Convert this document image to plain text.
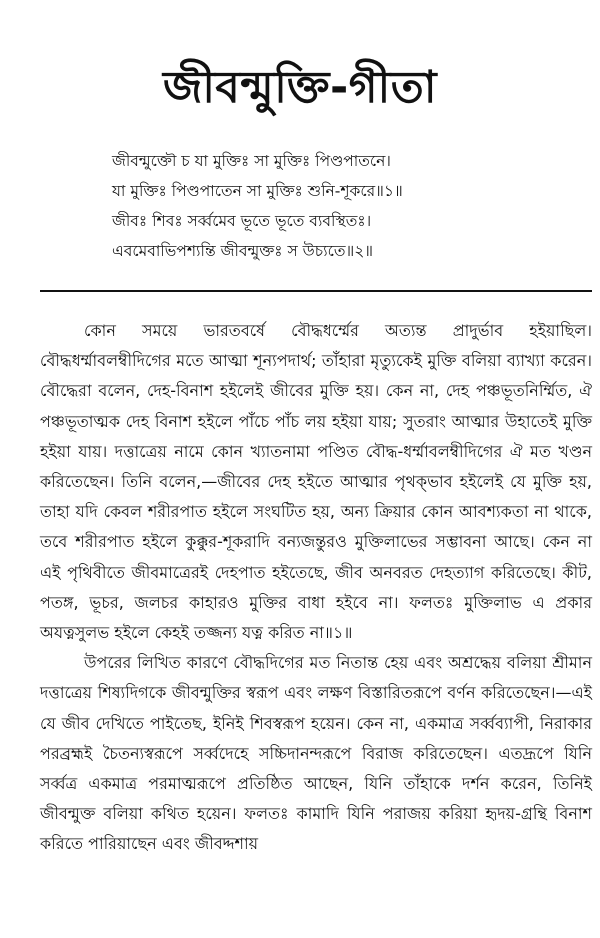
জীবন্মুক্তি-গীতা
জীবন্মুক্তৌ চ যা মুক্তিঃ সা মুক্তিঃ পিণ্ডপাতনে।
যা মুক্তিঃ পিণ্ডপাতেন সা মুক্তিঃ শুনি-শূকরে॥১॥
জীবঃ শিবঃ সর্ব্বমেব ভূতে ভূতে ব্যবস্থিতঃ।
এবমেবাভিপশ্যন্তি জীবন্মুক্তঃ স উচ্যতে॥২॥

কোন সময়ে ভারতবর্ষে বৌদ্ধধর্ম্মের অত্যন্ত প্রাদুর্ভাব হইয়াছিল। বৌদ্ধধর্ম্মাবলম্বীদিগের মতে আত্মা শূন্যপদার্থ; তাঁহারা মৃত্যুকেই মুক্তি বলিয়া ব্যাখ্যা করেন। বৌদ্ধেরা বলেন, দেহ-বিনাশ হইলেই জীবের মুক্তি হয়। কেন না, দেহ পঞ্চভূতনির্ম্মিত, ঐ পঞ্চভূতাত্মক দেহ বিনাশ হইলে পাঁচে পাঁচ লয় হইয়া যায়; সুতরাং আত্মার উহাতেই মুক্তি হইয়া যায়। দত্তাত্রেয় নামে কোন খ্যাতনামা পণ্ডিত বৌদ্ধ-ধর্ম্মাবলম্বীদিগের ঐ মত খণ্ডন করিতেছেন। তিনি বলেন,—জীবের দেহ হইতে আত্মার পৃথক্ভাব হইলেই যে মুক্তি হয়, তাহা যদি কেবল শরীরপাত হইলে সংঘটিত হয়, অন্য ক্রিয়ার কোন আবশ্যকতা না থাকে, তবে শরীরপাত হইলে কুক্কুর-শূকরাদি বন্যজন্তুরও মুক্তিলাভের সম্ভাবনা আছে। কেন না এই পৃথিবীতে জীবমাত্রেরই দেহপাত হইতেছে, জীব অনবরত দেহত্যাগ করিতেছে। কীট, পতঙ্গ, ভূচর, জলচর কাহারও মুক্তির বাধা হইবে না। ফলতঃ মুক্তিলাভ এ প্রকার অযত্নসুলভ হইলে কেহই তজ্জন্য যত্ন করিত না॥১॥

উপরের লিখিত কারণে বৌদ্ধদিগের মত নিতান্ত হেয় এবং অশ্রদ্ধেয় বলিয়া শ্রীমান দত্তাত্রেয় শিষ্যদিগকে জীবন্মুক্তির স্বরূপ এবং লক্ষণ বিস্তারিতরূপে বর্ণন করিতেছেন।—এই যে জীব দেখিতে পাইতেছ, ইনিই শিবস্বরূপ হয়েন। কেন না, একমাত্র সর্ব্বব্যাপী, নিরাকার পরব্রহ্মই চৈতন্যস্বরূপে সর্ব্বদেহে সচ্চিদানন্দরূপে বিরাজ করিতেছেন। এতদ্রূপে যিনি সর্ব্বত্র একমাত্র পরমাত্মরূপে প্রতিষ্ঠিত আছেন, যিনি তাঁহাকে দর্শন করেন, তিনিই জীবন্মুক্ত বলিয়া কথিত হয়েন। ফলতঃ কামাদি যিনি পরাজয় করিয়া হৃদয়-গ্রন্থি বিনাশ করিতে পারিয়াছেন এবং জীবদ্দশায়
